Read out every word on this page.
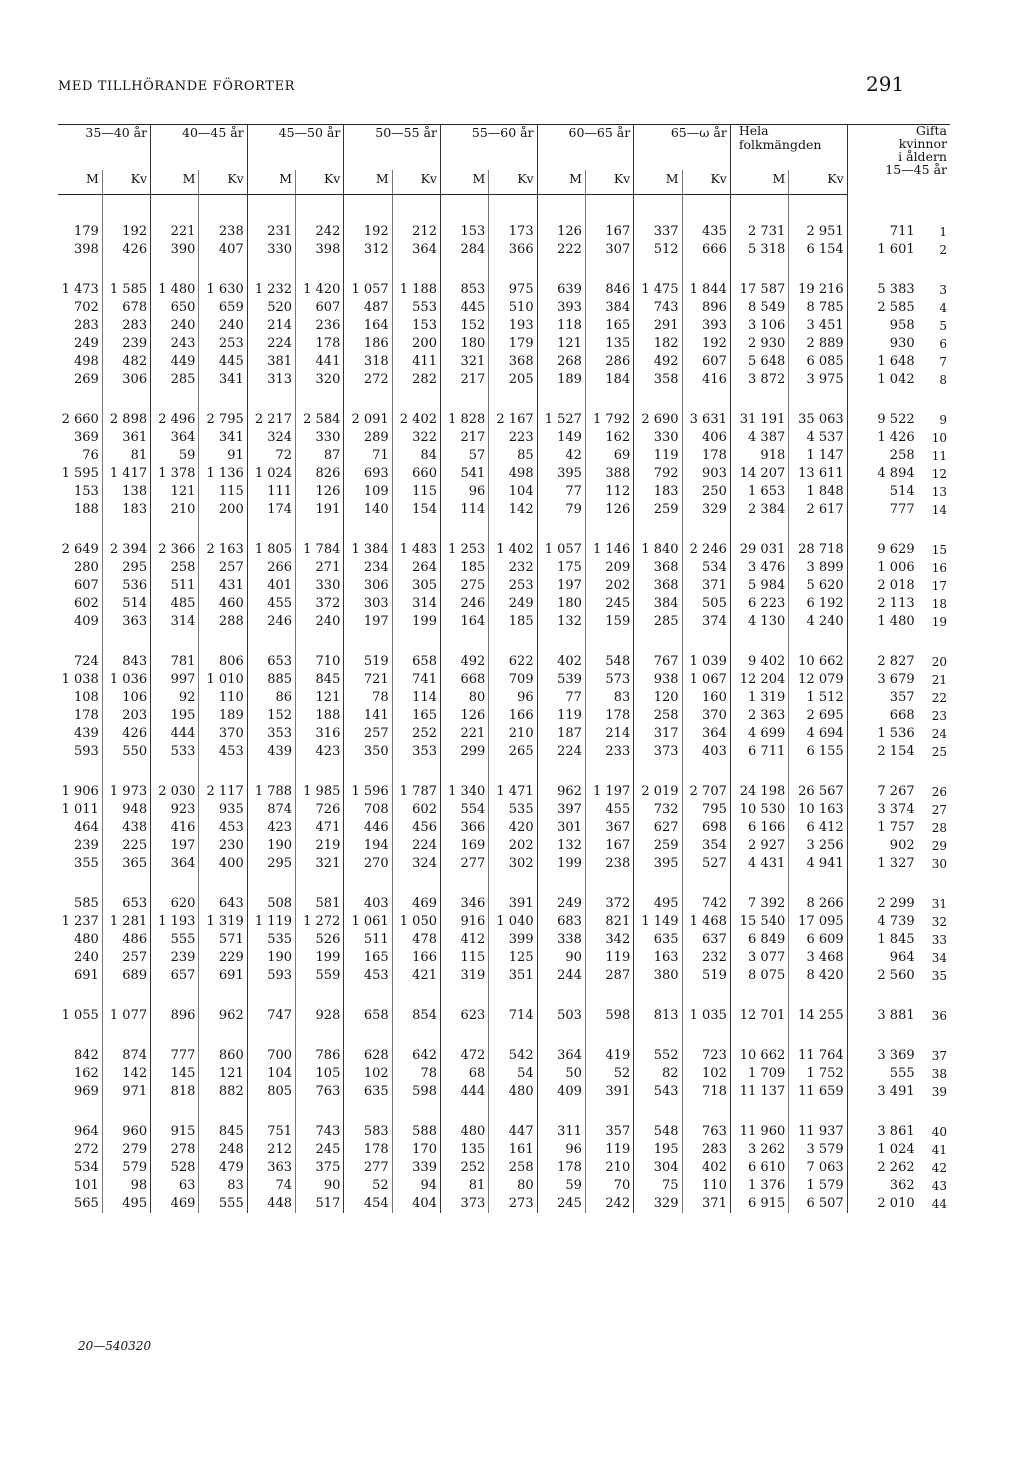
MED TILLHÖRANDE FÖRORTER	291
35—40 år		40—45 år		45—50 år		50—55 år		55—60 år		60—65 år		65—ω år		Hela folkmängden		Gifta
kvinnor
i åldern
15—45 år	

M	Kv	M	Kv	M	Kv	M	Kv	M	Kv	M	Kv	M	Kv	M	Kv		

179	192	221	238	231	242	192	212	153	173	126	167	337	435	2 731	2 951	711	1
398	426	390	407	330	398	312	364	284	366	222	307	512	666	5 318	6 154	1 601	2

1 473	1 585	1 480	1 630	1 232	1 420	1 057	1 188	853	975	639	846	1 475	1 844	17 587	19 216	5 383	3
702	678	650	659	520	607	487	553	445	510	393	384	743	896	8 549	8 785	2 585	4
283	283	240	240	214	236	164	153	152	193	118	165	291	393	3 106	3 451	958	5
249	239	243	253	224	178	186	200	180	179	121	135	182	192	2 930	2 889	930	6
498	482	449	445	381	441	318	411	321	368	268	286	492	607	5 648	6 085	1 648	7
269	306	285	341	313	320	272	282	217	205	189	184	358	416	3 872	3 975	1 042	8

2 660	2 898	2 496	2 795	2 217	2 584	2 091	2 402	1 828	2 167	1 527	1 792	2 690	3 631	31 191	35 063	9 522	9
369	361	364	341	324	330	289	322	217	223	149	162	330	406	4 387	4 537	1 426	10
76	81	59	91	72	87	71	84	57	85	42	69	119	178	918	1 147	258	11
1 595	1 417	1 378	1 136	1 024	826	693	660	541	498	395	388	792	903	14 207	13 611	4 894	12
153	138	121	115	111	126	109	115	96	104	77	112	183	250	1 653	1 848	514	13
188	183	210	200	174	191	140	154	114	142	79	126	259	329	2 384	2 617	777	14

2 649	2 394	2 366	2 163	1 805	1 784	1 384	1 483	1 253	1 402	1 057	1 146	1 840	2 246	29 031	28 718	9 629	15
280	295	258	257	266	271	234	264	185	232	175	209	368	534	3 476	3 899	1 006	16
607	536	511	431	401	330	306	305	275	253	197	202	368	371	5 984	5 620	2 018	17
602	514	485	460	455	372	303	314	246	249	180	245	384	505	6 223	6 192	2 113	18
409	363	314	288	246	240	197	199	164	185	132	159	285	374	4 130	4 240	1 480	19

724	843	781	806	653	710	519	658	492	622	402	548	767	1 039	9 402	10 662	2 827	20
1 038	1 036	997	1 010	885	845	721	741	668	709	539	573	938	1 067	12 204	12 079	3 679	21
108	106	92	110	86	121	78	114	80	96	77	83	120	160	1 319	1 512	357	22
178	203	195	189	152	188	141	165	126	166	119	178	258	370	2 363	2 695	668	23
439	426	444	370	353	316	257	252	221	210	187	214	317	364	4 699	4 694	1 536	24
593	550	533	453	439	423	350	353	299	265	224	233	373	403	6 711	6 155	2 154	25

1 906	1 973	2 030	2 117	1 788	1 985	1 596	1 787	1 340	1 471	962	1 197	2 019	2 707	24 198	26 567	7 267	26
1 011	948	923	935	874	726	708	602	554	535	397	455	732	795	10 530	10 163	3 374	27
464	438	416	453	423	471	446	456	366	420	301	367	627	698	6 166	6 412	1 757	28
239	225	197	230	190	219	194	224	169	202	132	167	259	354	2 927	3 256	902	29
355	365	364	400	295	321	270	324	277	302	199	238	395	527	4 431	4 941	1 327	30

585	653	620	643	508	581	403	469	346	391	249	372	495	742	7 392	8 266	2 299	31
1 237	1 281	1 193	1 319	1 119	1 272	1 061	1 050	916	1 040	683	821	1 149	1 468	15 540	17 095	4 739	32
480	486	555	571	535	526	511	478	412	399	338	342	635	637	6 849	6 609	1 845	33
240	257	239	229	190	199	165	166	115	125	90	119	163	232	3 077	3 468	964	34
691	689	657	691	593	559	453	421	319	351	244	287	380	519	8 075	8 420	2 560	35

1 055	1 077	896	962	747	928	658	854	623	714	503	598	813	1 035	12 701	14 255	3 881	36

842	874	777	860	700	786	628	642	472	542	364	419	552	723	10 662	11 764	3 369	37
162	142	145	121	104	105	102	78	68	54	50	52	82	102	1 709	1 752	555	38
969	971	818	882	805	763	635	598	444	480	409	391	543	718	11 137	11 659	3 491	39

964	960	915	845	751	743	583	588	480	447	311	357	548	763	11 960	11 937	3 861	40
272	279	278	248	212	245	178	170	135	161	96	119	195	283	3 262	3 579	1 024	41
534	579	528	479	363	375	277	339	252	258	178	210	304	402	6 610	7 063	2 262	42
101	98	63	83	74	90	52	94	81	80	59	70	75	110	1 376	1 579	362	43
565	495	469	555	448	517	454	404	373	273	245	242	329	371	6 915	6 507	2 010	44
20—540320
